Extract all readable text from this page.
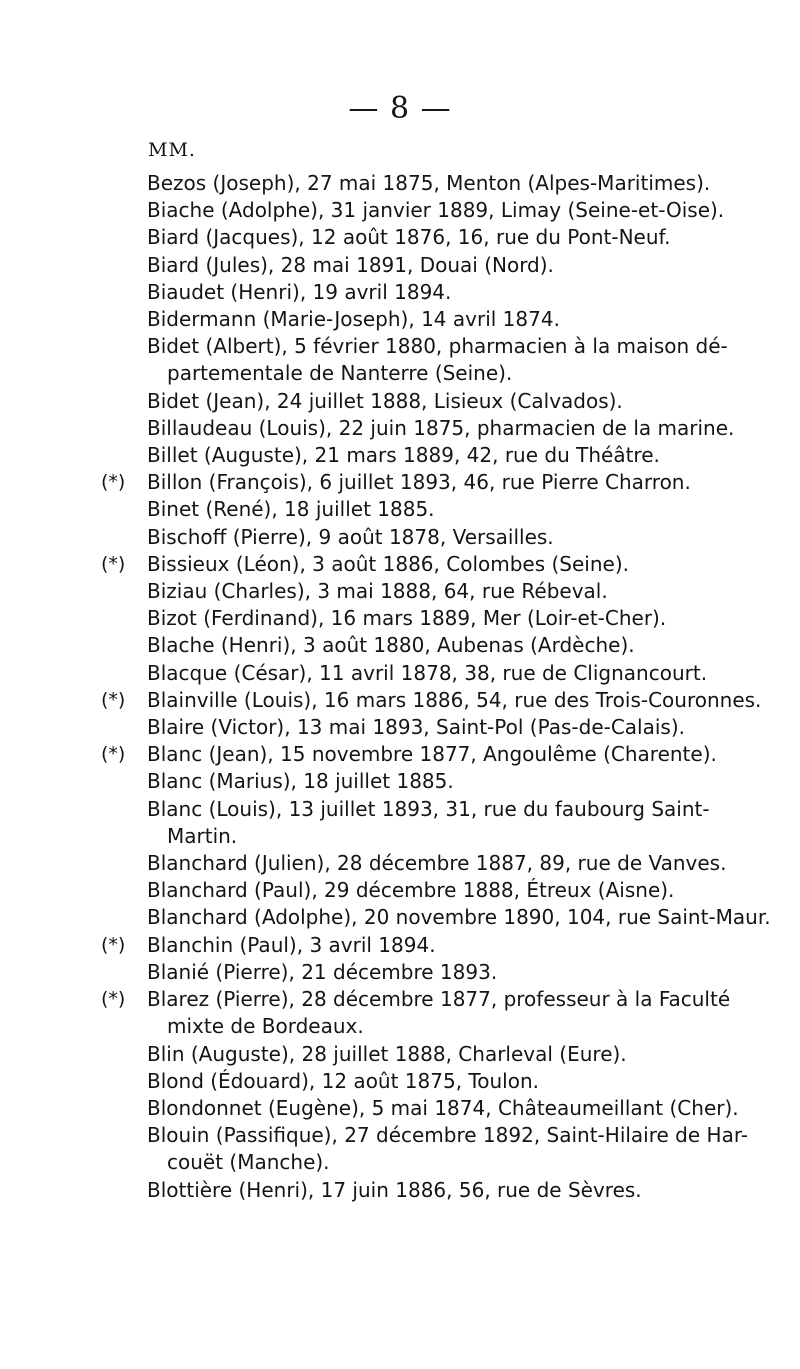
— 8 —
MM.
Bezos (Joseph), 27 mai 1875, Menton (Alpes-Maritimes).
Biache (Adolphe), 31 janvier 1889, Limay (Seine-et-Oise).
Biard (Jacques), 12 août 1876, 16, rue du Pont-Neuf.
Biard (Jules), 28 mai 1891, Douai (Nord).
Biaudet (Henri), 19 avril 1894.
Bidermann (Marie-Joseph), 14 avril 1874.
Bidet (Albert), 5 février 1880, pharmacien à la maison dé-
partementale de Nanterre (Seine).
Bidet (Jean), 24 juillet 1888, Lisieux (Calvados).
Billaudeau (Louis), 22 juin 1875, pharmacien de la marine.
Billet (Auguste), 21 mars 1889, 42, rue du Théâtre.
(*) Billon (François), 6 juillet 1893, 46, rue Pierre Charron.
Binet (René), 18 juillet 1885.
Bischoff (Pierre), 9 août 1878, Versailles.
(*) Bissieux (Léon), 3 août 1886, Colombes (Seine).
Biziau (Charles), 3 mai 1888, 64, rue Rébeval.
Bizot (Ferdinand), 16 mars 1889, Mer (Loir-et-Cher).
Blache (Henri), 3 août 1880, Aubenas (Ardèche).
Blacque (César), 11 avril 1878, 38, rue de Clignancourt.
(*) Blainville (Louis), 16 mars 1886, 54, rue des Trois-Couronnes.
Blaire (Victor), 13 mai 1893, Saint-Pol (Pas-de-Calais).
(*) Blanc (Jean), 15 novembre 1877, Angoulême (Charente).
Blanc (Marius), 18 juillet 1885.
Blanc (Louis), 13 juillet 1893, 31, rue du faubourg Saint-
Martin.
Blanchard (Julien), 28 décembre 1887, 89, rue de Vanves.
Blanchard (Paul), 29 décembre 1888, Étreux (Aisne).
Blanchard (Adolphe), 20 novembre 1890, 104, rue Saint-Maur.
(*) Blanchin (Paul), 3 avril 1894.
Blanié (Pierre), 21 décembre 1893.
(*) Blarez (Pierre), 28 décembre 1877, professeur à la Faculté
mixte de Bordeaux.
Blin (Auguste), 28 juillet 1888, Charleval (Eure).
Blond (Édouard), 12 août 1875, Toulon.
Blondonnet (Eugène), 5 mai 1874, Châteaumeillant (Cher).
Blouin (Passifique), 27 décembre 1892, Saint-Hilaire de Har-
couët (Manche).
Blottière (Henri), 17 juin 1886, 56, rue de Sèvres.
